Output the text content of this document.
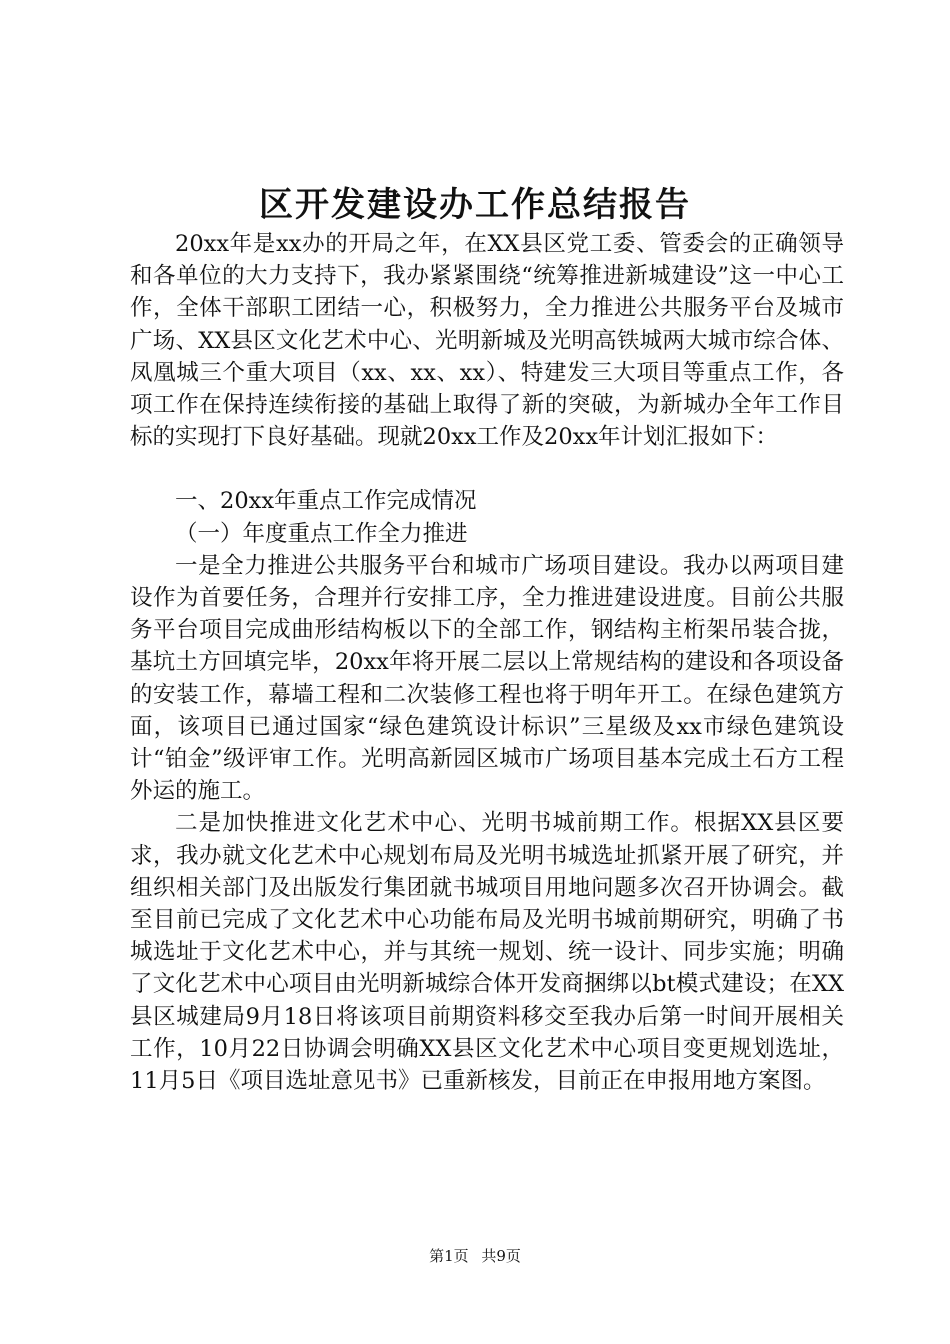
区开发建设办工作总结报告

20xx年是xx办的开局之年，在XX县区党工委、管委会的正确领导和各单位的大力支持下，我办紧紧围绕“统筹推进新城建设”这一中心工作，全体干部职工团结一心，积极努力，全力推进公共服务平台及城市广场、XX县区文化艺术中心、光明新城及光明高铁城两大城市综合体、凤凰城三个重大项目（xx、xx、xx）、特建发三大项目等重点工作，各项工作在保持连续衔接的基础上取得了新的突破，为新城办全年工作目标的实现打下良好基础。现就20xx工作及20xx年计划汇报如下：

一、20xx年重点工作完成情况

（一）年度重点工作全力推进

一是全力推进公共服务平台和城市广场项目建设。我办以两项目建设作为首要任务，合理并行安排工序，全力推进建设进度。目前公共服务平台项目完成曲形结构板以下的全部工作，钢结构主桁架吊装合拢，基坑土方回填完毕，20xx年将开展二层以上常规结构的建设和各项设备的安装工作，幕墙工程和二次装修工程也将于明年开工。在绿色建筑方面，该项目已通过国家“绿色建筑设计标识”三星级及xx市绿色建筑设计“铂金”级评审工作。光明高新园区城市广场项目基本完成土石方工程外运的施工。

二是加快推进文化艺术中心、光明书城前期工作。根据XX县区要求，我办就文化艺术中心规划布局及光明书城选址抓紧开展了研究，并组织相关部门及出版发行集团就书城项目用地问题多次召开协调会。截至目前已完成了文化艺术中心功能布局及光明书城前期研究，明确了书城选址于文化艺术中心，并与其统一规划、统一设计、同步实施；明确了文化艺术中心项目由光明新城综合体开发商捆绑以bt模式建设；在XX县区城建局9月18日将该项目前期资料移交至我办后第一时间开展相关工作，10月22日协调会明确XX县区文化艺术中心项目变更规划选址，11月5日《项目选址意见书》已重新核发，目前正在申报用地方案图。

第1页 共9页
